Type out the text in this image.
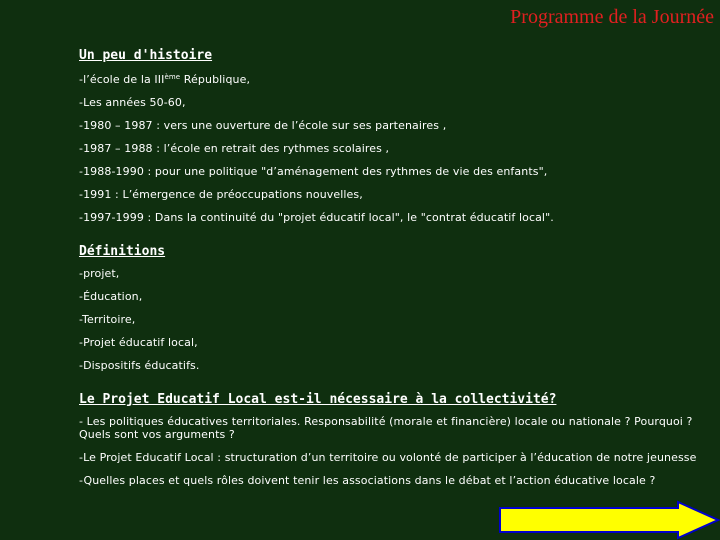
Programme de la Journée
Un peu d'histoire
-l’école de la IIIème République,
-Les années 50-60,
-1980 – 1987 : vers une ouverture de l’école sur ses partenaires ,
-1987 – 1988 : l’école en retrait des rythmes scolaires ,
-1988-1990 : pour une politique "d’aménagement des rythmes de vie des enfants",
-1991 : L’émergence de préoccupations nouvelles,
-1997-1999 : Dans la continuité du "projet éducatif local", le "contrat éducatif local".
Définitions
-projet,
-Éducation,
-Territoire,
-Projet éducatif local,
-Dispositifs éducatifs.
Le Projet Educatif Local est-il nécessaire à la collectivité?
- Les politiques éducatives territoriales. Responsabilité (morale et financière) locale ou nationale ? Pourquoi ? Quels sont vos arguments ?
-Le Projet Educatif Local : structuration d’un territoire ou volonté de participer à l’éducation de notre jeunesse
-Quelles places et quels rôles doivent tenir les associations dans le débat et l’action éducative locale ?
